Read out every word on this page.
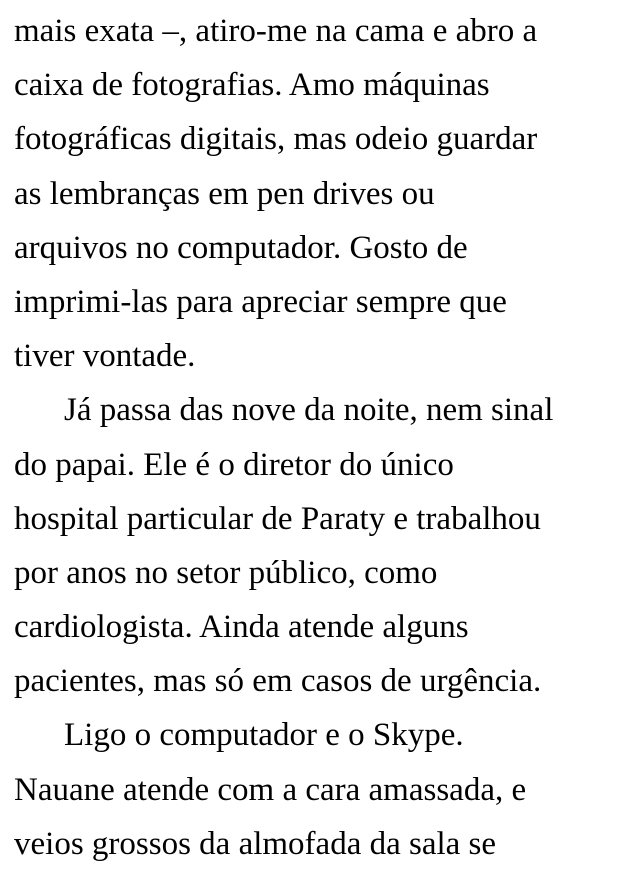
mais exata –, atiro-me na cama e abro a
caixa de fotografias. Amo máquinas
fotográficas digitais, mas odeio guardar
as lembranças em pen drives ou
arquivos no computador. Gosto de
imprimi-las para apreciar sempre que
tiver vontade.
Já passa das nove da noite, nem sinal
do papai. Ele é o diretor do único
hospital particular de Paraty e trabalhou
por anos no setor público, como
cardiologista. Ainda atende alguns
pacientes, mas só em casos de urgência.
Ligo o computador e o Skype.
Nauane atende com a cara amassada, e
veios grossos da almofada da sala se
